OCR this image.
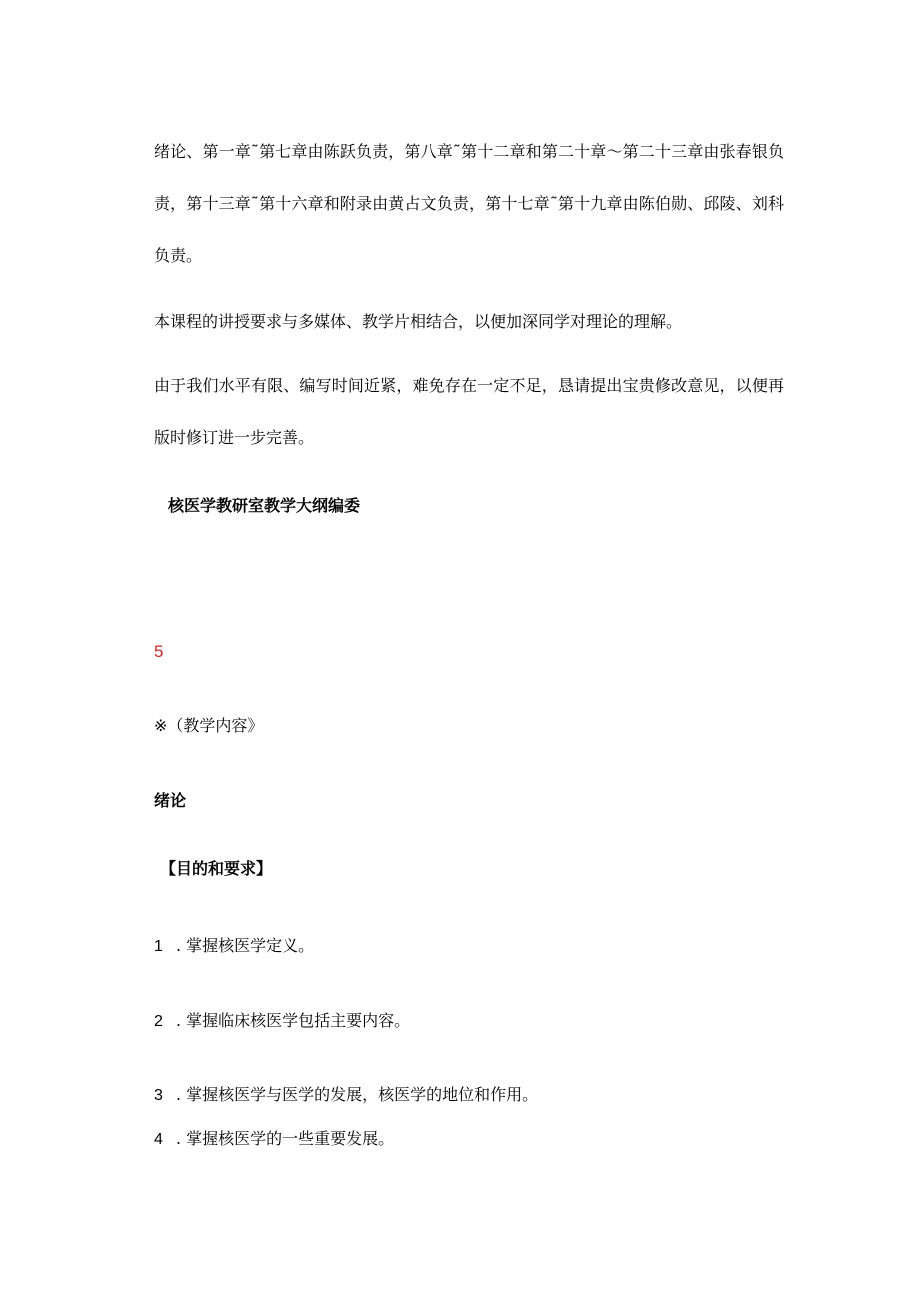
绪论、第一章˜第七章由陈跃负责，第八章˜第十二章和第二十章～第二十三章由张春银负责，第十三章˜第十六章和附录由黄占文负责，第十七章˜第十九章由陈伯勋、邱陵、刘科负责。
本课程的讲授要求与多媒体、教学片相结合，以便加深同学对理论的理解。
由于我们水平有限、编写时间近紧，难免存在一定不足，恳请提出宝贵修改意见，以便再版时修订进一步完善。
核医学教研室教学大纲编委
5
※（教学内容》
绪论
【目的和要求】
1 . 掌握核医学定义。
2 . 掌握临床核医学包括主要内容。
3 . 掌握核医学与医学的发展，核医学的地位和作用。
4 . 掌握核医学的一些重要发展。
